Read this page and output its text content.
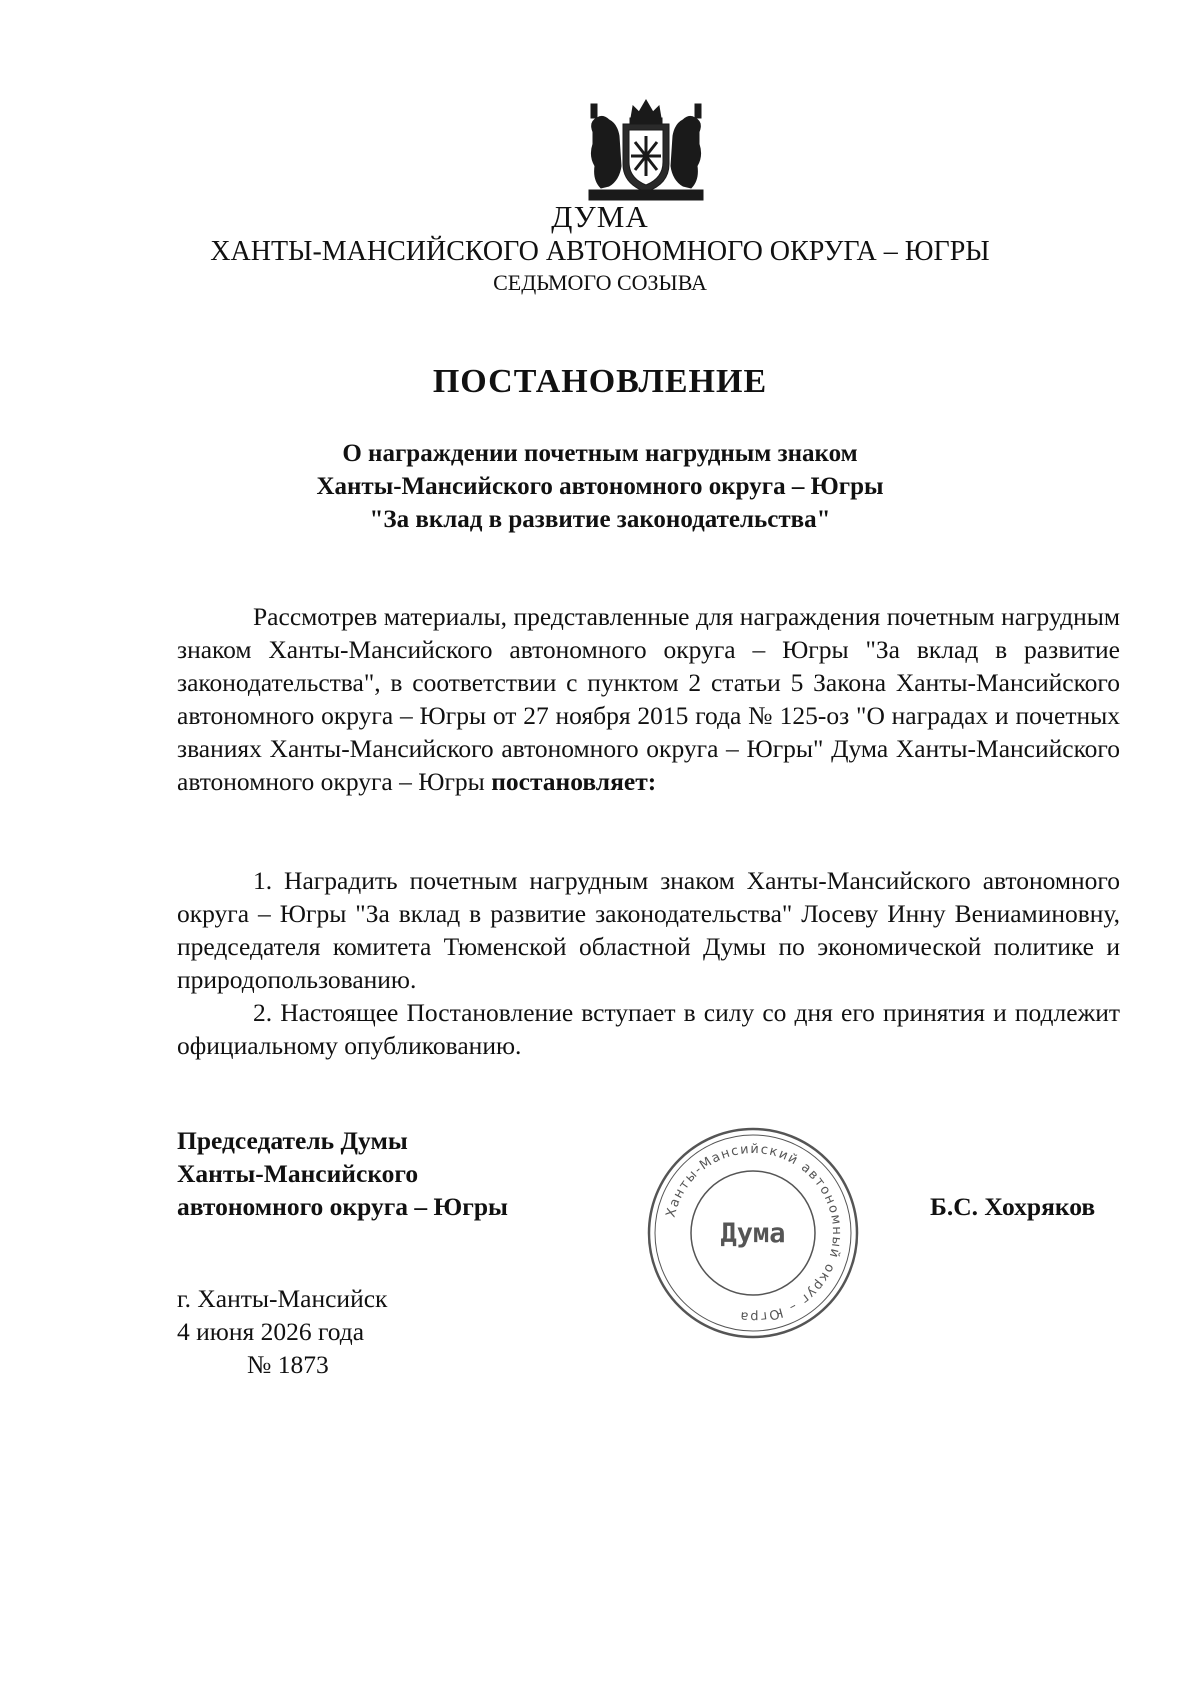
ДУМА
ХАНТЫ-МАНСИЙСКОГО АВТОНОМНОГО ОКРУГА – ЮГРЫ
СЕДЬМОГО СОЗЫВА
ПОСТАНОВЛЕНИЕ
О награждении почетным нагрудным знаком
Ханты-Мансийского автономного округа – Югры
"За вклад в развитие законодательства"

Рассмотрев материалы, представленные для награждения почетным нагрудным знаком Ханты-Мансийского автономного округа – Югры "За вклад в развитие законодательства", в соответствии с пунктом 2 статьи 5 Закона Ханты-Мансийского автономного округа – Югры от 27 ноября 2015 года № 125-оз "О наградах и почетных званиях Ханты-Мансийского автономного округа – Югры" Дума Ханты-Мансийского автономного округа – Югры постановляет:

1. Наградить почетным нагрудным знаком Ханты-Мансийского автономного округа – Югры "За вклад в развитие законодательства" Лосеву Инну Вениаминовну, председателя комитета Тюменской областной Думы по экономической политике и природопользованию.

2. Настоящее Постановление вступает в силу со дня его принятия и подлежит официальному опубликованию.

Председатель Думы
Ханты-Мансийского
автономного округа – Югры	Ханты-Мансийский автономный округ – Югра
Дума
Б.С. Хохряков
г. Ханты-Мансийск
4 июня 2026 года
№ 1873
